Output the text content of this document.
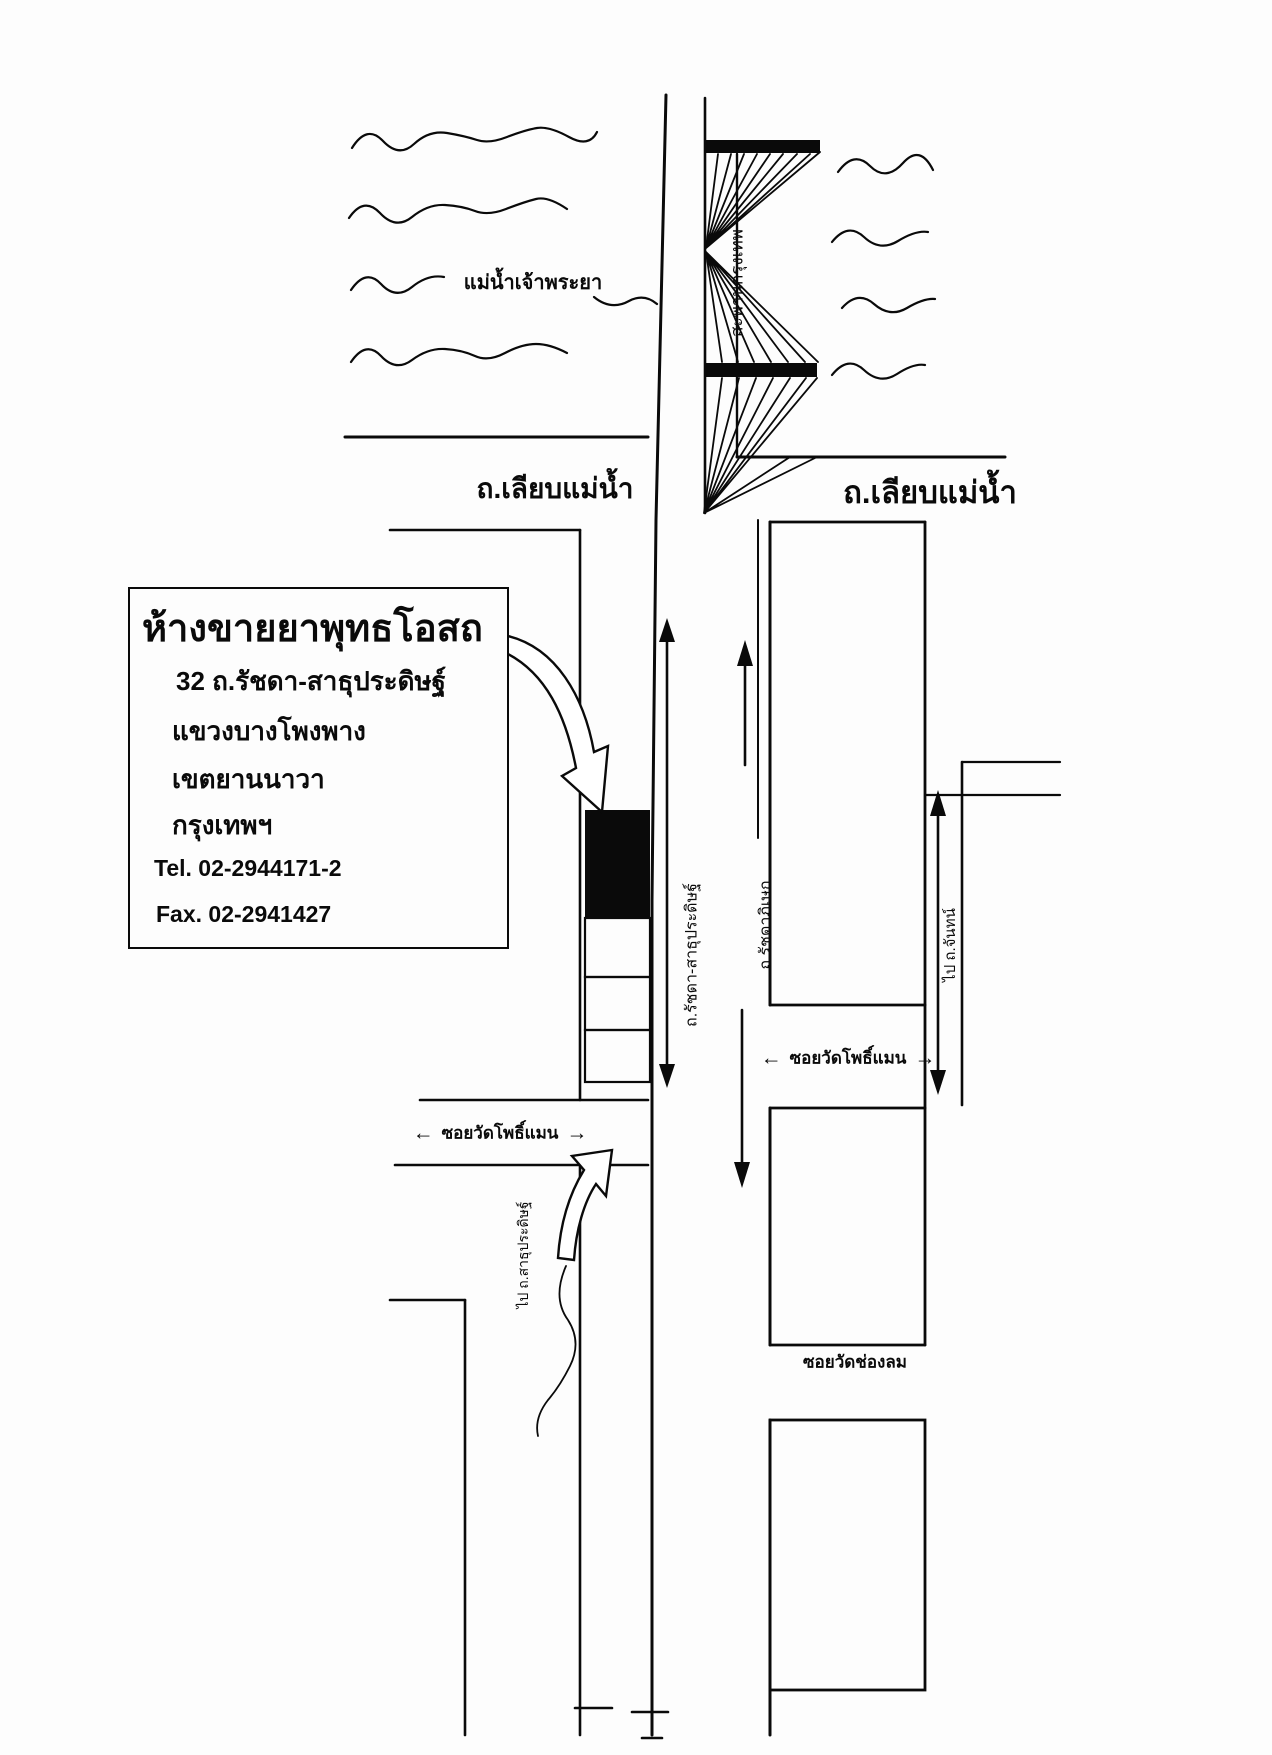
แม่น้ำเจ้าพระยา	สะพานกรุงเทพ
ถ.เลียบแม่น้ำ	ถ.เลียบแม่น้ำ
ถ.รัชดา-สาธุประดิษฐ์	ถ.รัชดาภิเษก	ไป ถ.จันทน์
ไป ถ.สาธุประดิษฐ์
← ซอยวัดโพธิ์แมน →
← ซอยวัดโพธิ์แมน →
ซอยวัดช่องลม
ห้างขายยาพุทธโอสถ
32 ถ.รัชดา-สาธุประดิษฐ์
แขวงบางโพงพาง
เขตยานนาวา
กรุงเทพฯ
Tel. 02-2944171-2
Fax. 02-2941427
